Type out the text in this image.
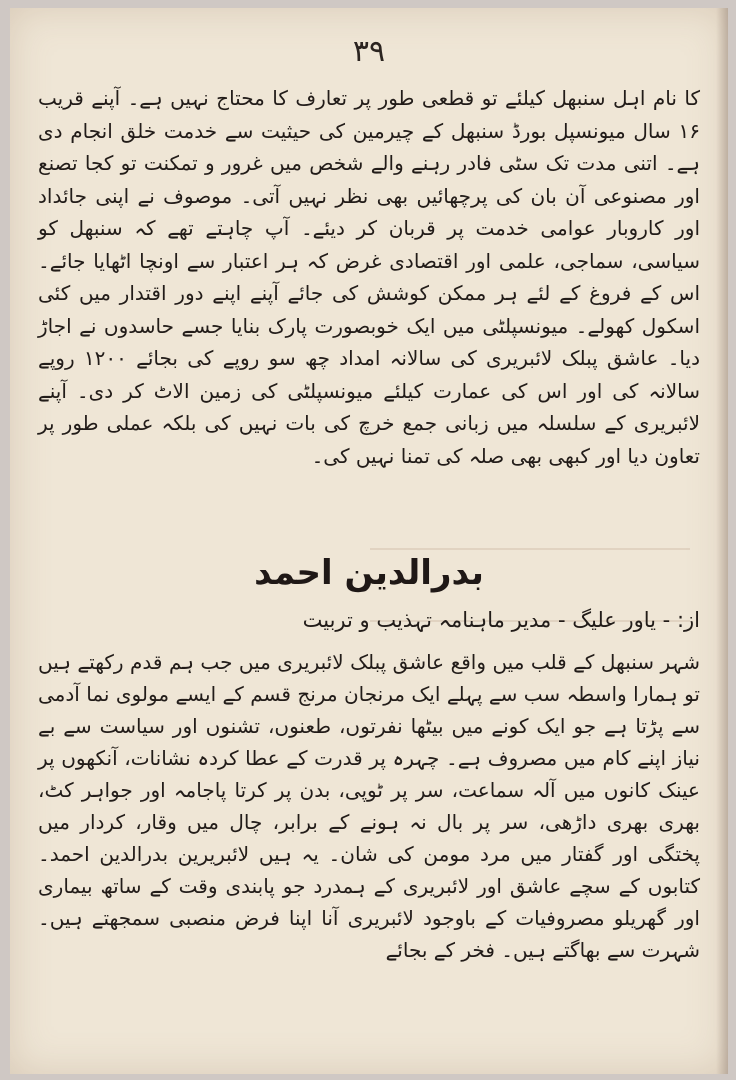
۳۹

کا نام اہل سنبھل کیلئے تو قطعی طور پر تعارف کا محتاج نہیں ہے۔ آپنے قریب ۱۶ سال میونسپل بورڈ سنبھل کے چیرمین کی حیثیت سے خدمت خلق انجام دی ہے۔ اتنی مدت تک سٹی فادر رہنے والے شخص میں غرور و تمکنت تو کجا تصنع اور مصنوعی آن بان کی پرچھائیں بھی نظر نہیں آتی۔ موصوف نے اپنی جائداد اور کاروبار عوامی خدمت پر قربان کر دیئے۔ آپ چاہتے تھے کہ سنبھل کو سیاسی، سماجی، علمی اور اقتصادی غرض کہ ہر اعتبار سے اونچا اٹھایا جائے۔ اس کے فروغ کے لئے ہر ممکن کوشش کی جائے آپنے اپنے دور اقتدار میں کئی اسکول کھولے۔ میونسپلٹی میں ایک خوبصورت پارک بنایا جسے حاسدوں نے اجاڑ دیا۔ عاشق پبلک لائبریری کی سالانہ امداد چھ سو روپے کی بجائے ۱۲۰۰ روپے سالانہ کی اور اس کی عمارت کیلئے میونسپلٹی کی زمین الاٹ کر دی۔ آپنے لائبریری کے سلسلہ میں زبانی جمع خرچ کی بات نہیں کی بلکہ عملی طور پر تعاون دیا اور کبھی بھی صلہ کی تمنا نہیں کی۔

بدرالدین احمد
از: - یاور علیگ - مدیر ماہنامہ تہذیب و تربیت

شہر سنبھل کے قلب میں واقع عاشق پبلک لائبریری میں جب ہم قدم رکھتے ہیں تو ہمارا واسطہ سب سے پہلے ایک مرنجان مرنج قسم کے ایسے مولوی نما آدمی سے پڑتا ہے جو ایک کونے میں بیٹھا نفرتوں، طعنوں، تشنوں اور سیاست سے بے نیاز اپنے کام میں مصروف ہے۔ چہرہ پر قدرت کے عطا کردہ نشانات، آنکھوں پر عینک کانوں میں آلہ سماعت، سر پر ٹوپی، بدن پر کرتا پاجامہ اور جواہر کٹ، بھری بھری داڑھی، سر پر بال نہ ہونے کے برابر، چال میں وقار، کردار میں پختگی اور گفتار میں مرد مومن کی شان۔ یہ ہیں لائبریرین بدرالدین احمد۔ کتابوں کے سچے عاشق اور لائبریری کے ہمدرد جو پابندی وقت کے ساتھ بیماری اور گھریلو مصروفیات کے باوجود لائبریری آنا اپنا فرض منصبی سمجھتے ہیں۔ شہرت سے بھاگتے ہیں۔ فخر کے بجائے
